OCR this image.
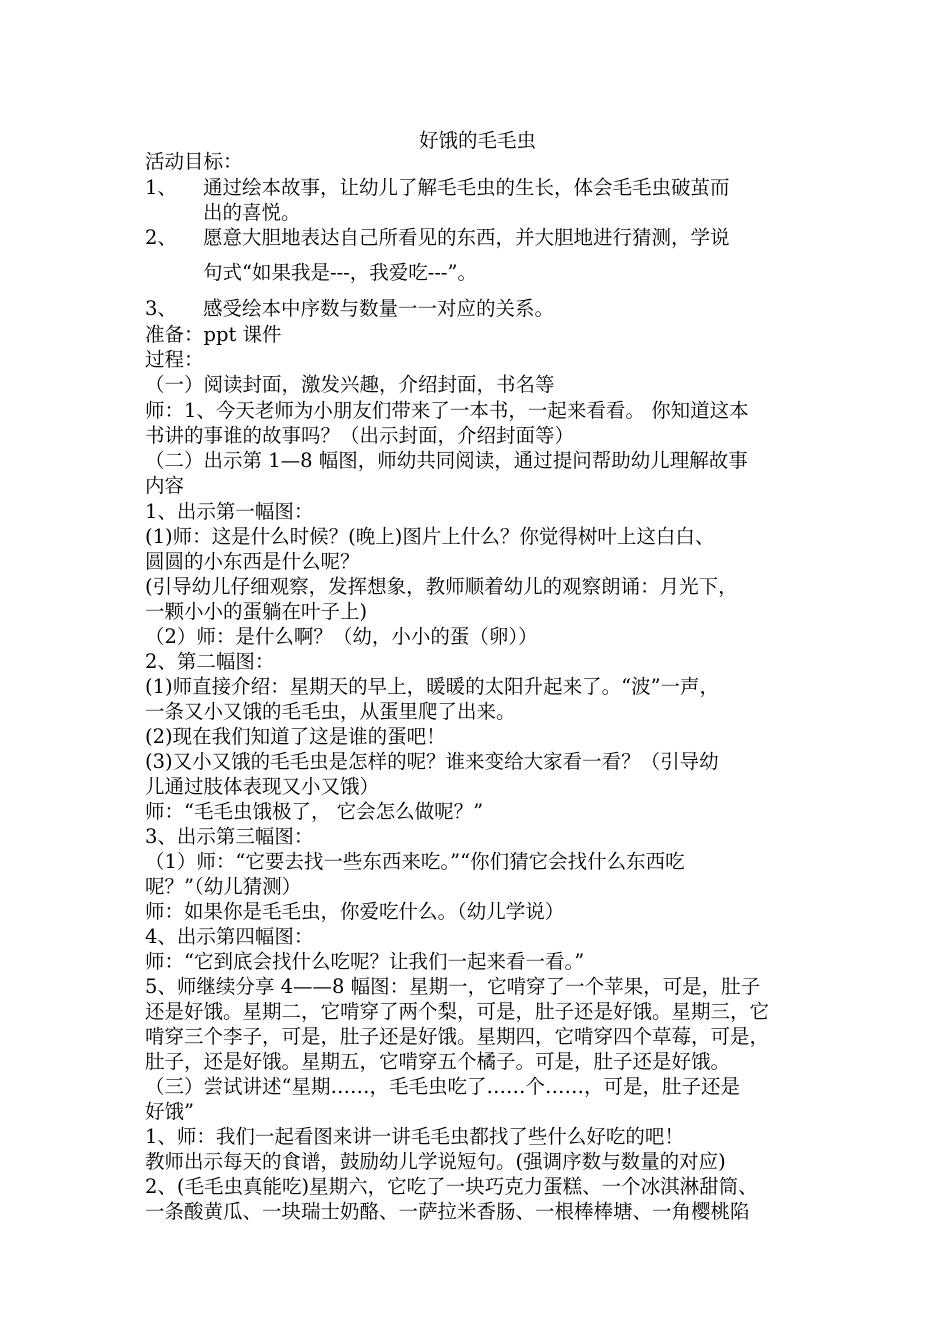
好饿的毛毛虫
活动目标：
1、 通过绘本故事，让幼儿了解毛毛虫的生长，体会毛毛虫破茧而
出的喜悦。
2、 愿意大胆地表达自己所看见的东西，并大胆地进行猜测，学说
句式“如果我是---，我爱吃---”。
3、 感受绘本中序数与数量一一对应的关系。
准备：ppt 课件
过程：
（一）阅读封面，激发兴趣，介绍封面，书名等
师：1、今天老师为小朋友们带来了一本书，一起来看看。 你知道这本
书讲的事谁的故事吗？（出示封面，介绍封面等）
（二）出示第 1—8 幅图，师幼共同阅读，通过提问帮助幼儿理解故事
内容
1、出示第一幅图：
(1)师：这是什么时候？(晚上)图片上什么？你觉得树叶上这白白、
圆圆的小东西是什么呢？
(引导幼儿仔细观察，发挥想象，教师顺着幼儿的观察朗诵：月光下，
一颗小小的蛋躺在叶子上)
（2）师：是什么啊？（幼，小小的蛋（卵））
2、第二幅图：
(1)师直接介绍：星期天的早上，暖暖的太阳升起来了。“波”一声，
一条又小又饿的毛毛虫，从蛋里爬了出来。
(2)现在我们知道了这是谁的蛋吧！
(3)又小又饿的毛毛虫是怎样的呢？谁来变给大家看一看？（引导幼
儿通过肢体表现又小又饿）
师：“毛毛虫饿极了， 它会怎么做呢？”
3、出示第三幅图：
（1）师：“它要去找一些东西来吃。”“你们猜它会找什么东西吃
呢？”（幼儿猜测）
师：如果你是毛毛虫，你爱吃什么。（幼儿学说）
4、出示第四幅图：
师：“它到底会找什么吃呢？让我们一起来看一看。”
5、师继续分享 4——8 幅图：星期一，它啃穿了一个苹果，可是，肚子
还是好饿。星期二，它啃穿了两个梨，可是，肚子还是好饿。星期三，它
啃穿三个李子，可是，肚子还是好饿。星期四，它啃穿四个草莓，可是，
肚子，还是好饿。星期五，它啃穿五个橘子。可是，肚子还是好饿。
（三）尝试讲述“星期……，毛毛虫吃了……个……，可是，肚子还是
好饿”
1、师：我们一起看图来讲一讲毛毛虫都找了些什么好吃的吧！
教师出示每天的食谱，鼓励幼儿学说短句。(强调序数与数量的对应)
2、(毛毛虫真能吃)星期六，它吃了一块巧克力蛋糕、一个冰淇淋甜筒、
一条酸黄瓜、一块瑞士奶酪、一萨拉米香肠、一根棒棒塘、一角樱桃陷
